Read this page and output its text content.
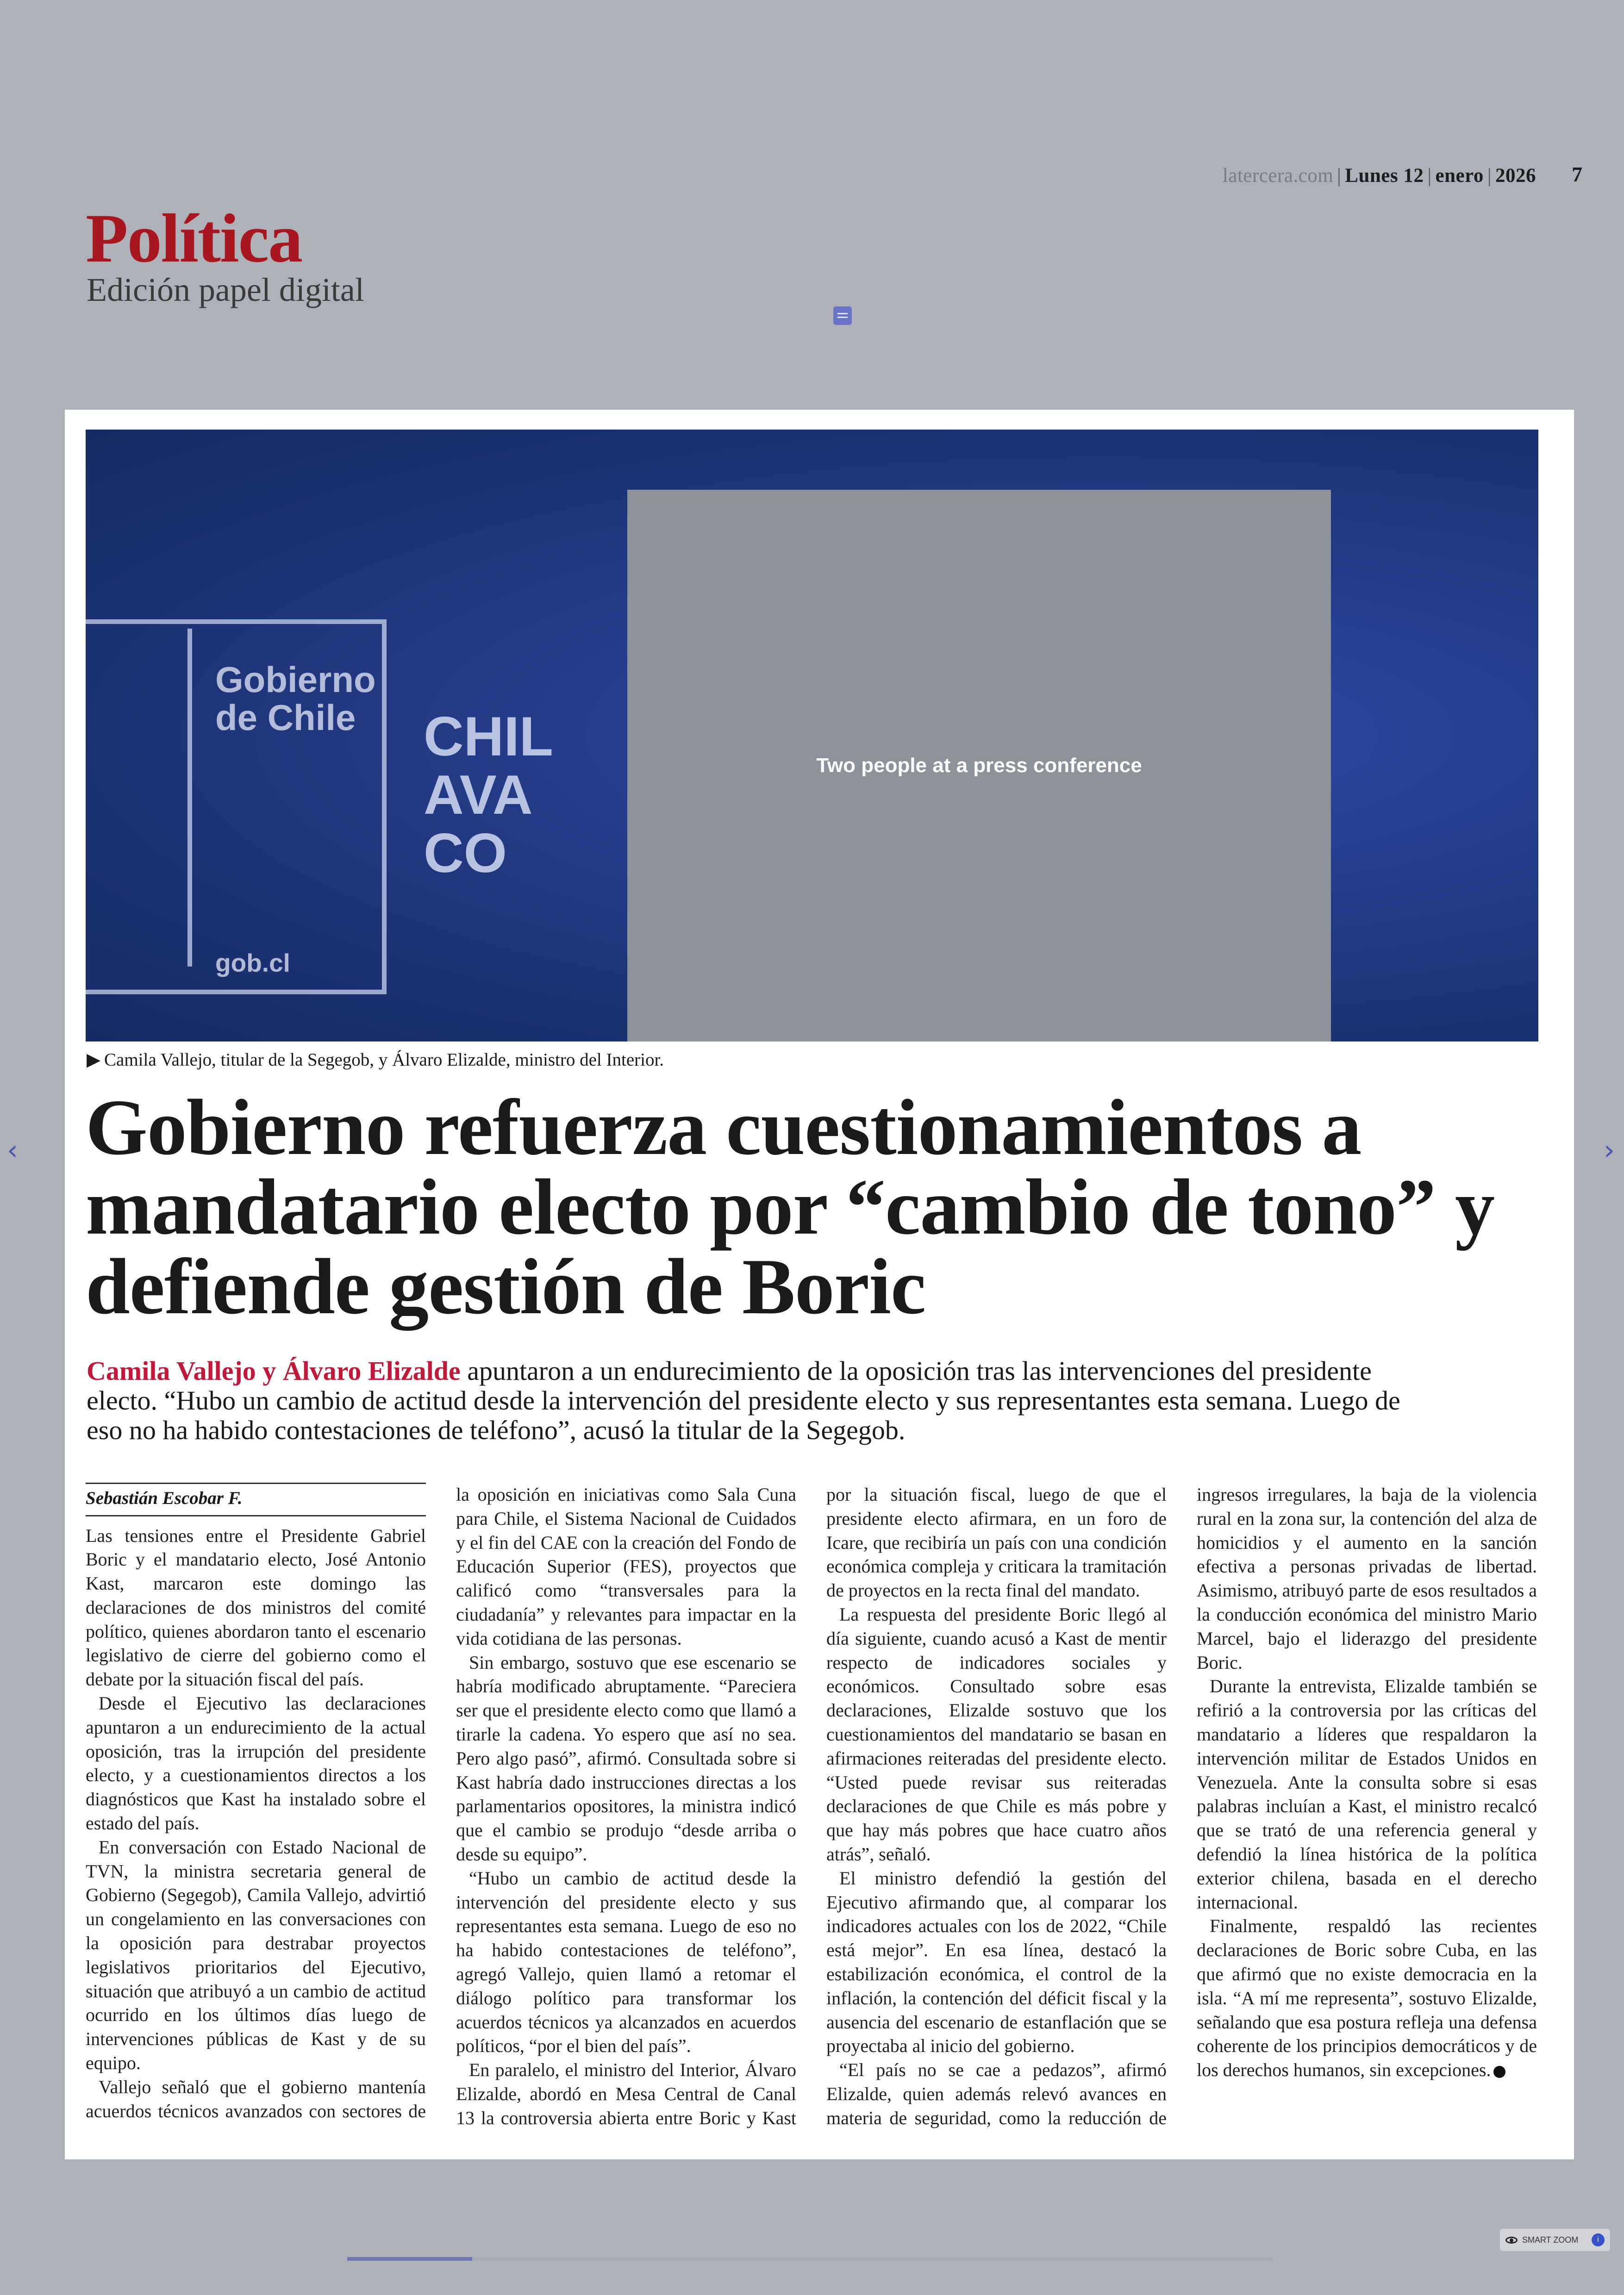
latercera.com | Lunes 12 | enero | 2026 7
Política
Edición papel digital
‹	›
Gobierno
de Chile
gob.cl
CHIL
AVA
CO
Two people at a press conference
▶ Camila Vallejo, titular de la Segegob, y Álvaro Elizalde, ministro del Interior.
Gobierno refuerza cuestionamientos a mandatario electo por “cambio de tono” y defiende gestión de Boric
Camila Vallejo y Álvaro Elizalde apuntaron a un endurecimiento de la oposición tras las intervenciones del presidente electo. “Hubo un cambio de actitud desde la intervención del presidente electo y sus representantes esta semana. Luego de eso no ha habido contestaciones de teléfono”, acusó la titular de la Segegob.
Sebastián Escobar F.

Las tensiones entre el Presidente Gabriel Boric y el mandatario electo, José Antonio Kast, marcaron este domingo las declaraciones de dos ministros del comité político, quienes abordaron tanto el escenario legislativo de cierre del gobierno como el debate por la situación fiscal del país.

Desde el Ejecutivo las declaraciones apuntaron a un endurecimiento de la actual oposición, tras la irrupción del presidente electo, y a cuestionamientos directos a los diagnósticos que Kast ha instalado sobre el estado del país.

En conversación con Estado Nacional de TVN, la ministra secretaria general de Gobierno (Segegob), Camila Vallejo, advirtió un congelamiento en las conversaciones con la oposición para destrabar proyectos legislativos prioritarios del Ejecutivo, situación que atribuyó a un cambio de actitud ocurrido en los últimos días luego de intervenciones públicas de Kast y de su equipo.

Vallejo señaló que el gobierno mantenía acuerdos técnicos avanzados con sectores de la oposición en iniciativas como Sala Cuna para Chile, el Sistema Nacional de Cuidados y el fin del CAE con la creación del Fondo de Educación Superior (FES), proyectos que calificó como “transversales para la ciudadanía” y relevantes para impactar en la vida cotidiana de las personas.

Sin embargo, sostuvo que ese escenario se habría modificado abruptamente. “Pareciera ser que el presidente electo como que llamó a tirarle la cadena. Yo espero que así no sea. Pero algo pasó”, afirmó. Consultada sobre si Kast habría dado instrucciones directas a los parlamentarios opositores, la ministra indicó que el cambio se produjo “desde arriba o desde su equipo”.

“Hubo un cambio de actitud desde la intervención del presidente electo y sus representantes esta semana. Luego de eso no ha habido contestaciones de teléfono”, agregó Vallejo, quien llamó a retomar el diálogo político para transformar los acuerdos técnicos ya alcanzados en acuerdos políticos, “por el bien del país”.

En paralelo, el ministro del Interior, Álvaro Elizalde, abordó en Mesa Central de Canal 13 la controversia abierta entre Boric y Kast por la situación fiscal, luego de que el presidente electo afirmara, en un foro de Icare, que recibiría un país con una condición económica compleja y criticara la tramitación de proyectos en la recta final del mandato.

La respuesta del presidente Boric llegó al día siguiente, cuando acusó a Kast de mentir respecto de indicadores sociales y económicos. Consultado sobre esas declaraciones, Elizalde sostuvo que los cuestionamientos del mandatario se basan en afirmaciones reiteradas del presidente electo. “Usted puede revisar sus reiteradas declaraciones de que Chile es más pobre y que hay más pobres que hace cuatro años atrás”, señaló.

El ministro defendió la gestión del Ejecutivo afirmando que, al comparar los indicadores actuales con los de 2022, “Chile está mejor”. En esa línea, destacó la estabilización económica, el control de la inflación, la contención del déficit fiscal y la ausencia del escenario de estanflación que se proyectaba al inicio del gobierno.

“El país no se cae a pedazos”, afirmó Elizalde, quien además relevó avances en materia de seguridad, como la reducción de ingresos irregulares, la baja de la violencia rural en la zona sur, la contención del alza de homicidios y el aumento en la sanción efectiva a personas privadas de libertad. Asimismo, atribuyó parte de esos resultados a la conducción económica del ministro Mario Marcel, bajo el liderazgo del presidente Boric.

Durante la entrevista, Elizalde también se refirió a la controversia por las críticas del mandatario a líderes que respaldaron la intervención militar de Estados Unidos en Venezuela. Ante la consulta sobre si esas palabras incluían a Kast, el ministro recalcó que se trató de una referencia general y defendió la línea histórica de la política exterior chilena, basada en el derecho internacional.

Finalmente, respaldó las recientes declaraciones de Boric sobre Cuba, en las que afirmó que no existe democracia en la isla. “A mí me representa”, sostuvo Elizalde, señalando que esa postura refleja una defensa coherente de los principios democráticos y de los derechos humanos, sin excepciones.

SMART ZOOM	i
